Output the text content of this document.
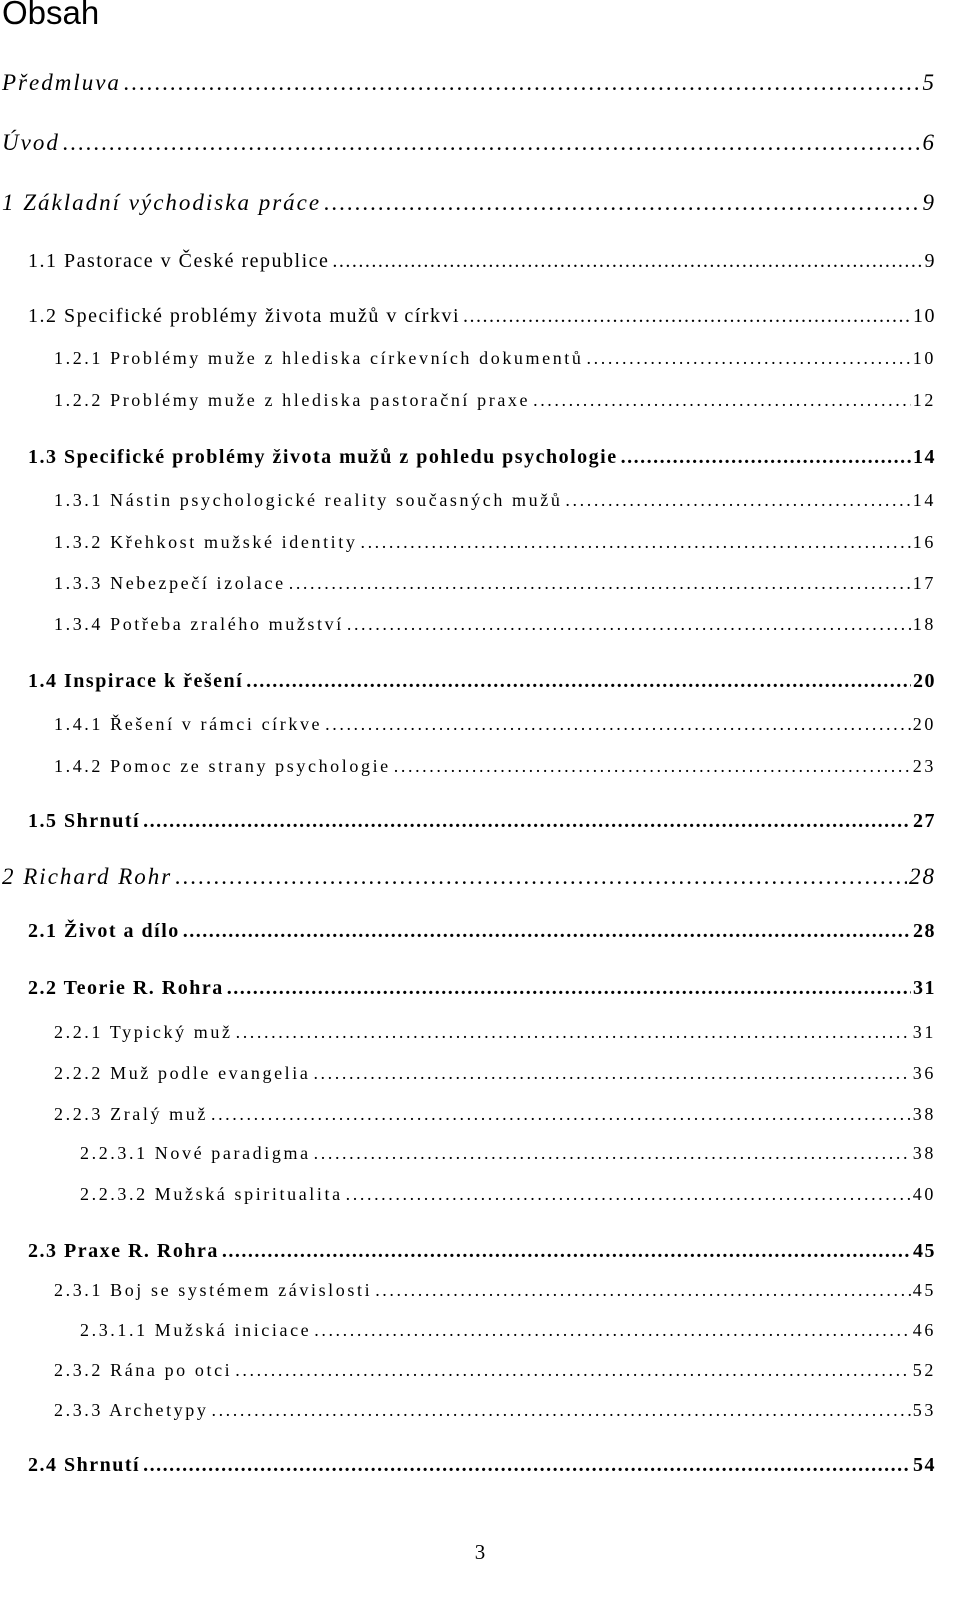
Obsah
Předmluva .....	5
Úvod .....	6
1 Základní východiska práce .....	9
1.1 Pastorace v České republice .....	9
1.2 Specifické problémy života mužů v církvi .....	10
1.2.1 Problémy muže z hlediska církevních dokumentů .....	10
1.2.2 Problémy muže z hlediska pastorační praxe .....	12
1.3 Specifické problémy života mužů z pohledu psychologie .....	14
1.3.1 Nástin psychologické reality současných mužů .....	14
1.3.2 Křehkost mužské identity .....	16
1.3.3 Nebezpečí izolace .....	17
1.3.4 Potřeba zralého mužství .....	18
1.4 Inspirace k řešení .....	20
1.4.1 Řešení v rámci církve .....	20
1.4.2 Pomoc ze strany psychologie .....	23
1.5 Shrnutí .....	27
2 Richard Rohr .....	28
2.1 Život a dílo .....	28
2.2 Teorie R. Rohra .....	31
2.2.1 Typický muž .....	31
2.2.2 Muž podle evangelia .....	36
2.2.3 Zralý muž .....	38
2.2.3.1 Nové paradigma .....	38
2.2.3.2 Mužská spiritualita .....	40
2.3 Praxe R. Rohra .....	45
2.3.1 Boj se systémem závislosti .....	45
2.3.1.1 Mužská iniciace .....	46
2.3.2 Rána po otci .....	52
2.3.3 Archetypy .....	53
2.4 Shrnutí .....	54
3
